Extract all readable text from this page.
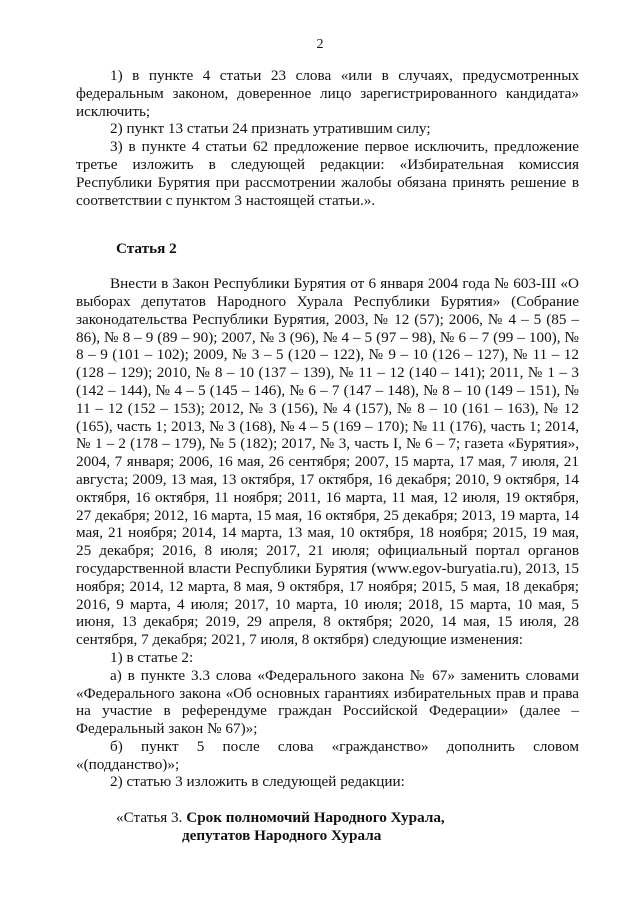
2

1) в пункте 4 статьи 23 слова «или в случаях, предусмотренных федеральным законом, доверенное лицо зарегистрированного кандидата» исключить;

2) пункт 13 статьи 24 признать утратившим силу;

3) в пункте 4 статьи 62 предложение первое исключить, предложение третье изложить в следующей редакции: «Избирательная комиссия Республики Бурятия при рассмотрении жалобы обязана принять решение в соответствии с пунктом 3 настоящей статьи.».

Статья 2

Внести в Закон Республики Бурятия от 6 января 2004 года № 603-III «О выборах депутатов Народного Хурала Республики Бурятия» (Собрание законодательства Республики Бурятия, 2003, № 12 (57); 2006, № 4 – 5 (85 – 86), № 8 – 9 (89 – 90); 2007, № 3 (96), № 4 – 5 (97 – 98), № 6 – 7 (99 – 100), № 8 – 9 (101 – 102); 2009, № 3 – 5 (120 – 122), № 9 – 10 (126 – 127), № 11 – 12 (128 – 129); 2010, № 8 – 10 (137 – 139), № 11 – 12 (140 – 141); 2011, № 1 – 3 (142 – 144), № 4 – 5 (145 – 146), № 6 – 7 (147 – 148), № 8 – 10 (149 – 151), № 11 – 12 (152 – 153); 2012, № 3 (156), № 4 (157), № 8 – 10 (161 – 163), № 12 (165), часть 1; 2013, № 3 (168), № 4 – 5 (169 – 170); № 11 (176), часть 1; 2014, № 1 – 2 (178 – 179), № 5 (182); 2017, № 3, часть I, № 6 – 7; газета «Бурятия», 2004, 7 января; 2006, 16 мая, 26 сентября; 2007, 15 марта, 17 мая, 7 июля, 21 августа; 2009, 13 мая, 13 октября, 17 октября, 16 декабря; 2010, 9 октября, 14 октября, 16 октября, 11 ноября; 2011, 16 марта, 11 мая, 12 июля, 19 октября, 27 декабря; 2012, 16 марта, 15 мая, 16 октября, 25 декабря; 2013, 19 марта, 14 мая, 21 ноября; 2014, 14 марта, 13 мая, 10 октября, 18 ноября; 2015, 19 мая, 25 декабря; 2016, 8 июля; 2017, 21 июля; официальный портал органов государственной власти Республики Бурятия (www.egov-buryatia.ru), 2013, 15 ноября; 2014, 12 марта, 8 мая, 9 октября, 17 ноября; 2015, 5 мая, 18 декабря; 2016, 9 марта, 4 июля; 2017, 10 марта, 10 июля; 2018, 15 марта, 10 мая, 5 июня, 13 декабря; 2019, 29 апреля, 8 октября; 2020, 14 мая, 15 июля, 28 сентября, 7 декабря; 2021, 7 июля, 8 октября) следующие изменения:

1) в статье 2:

а) в пункте 3.3 слова «Федерального закона № 67» заменить словами «Федерального закона «Об основных гарантиях избирательных прав и права на участие в референдуме граждан Российской Федерации» (далее – Федеральный закон № 67)»;

б) пункт 5 после слова «гражданство» дополнить словом «(подданство)»;

2) статью 3 изложить в следующей редакции:

«Статья 3. Срок полномочий Народного Хурала,
депутатов Народного Хурала
